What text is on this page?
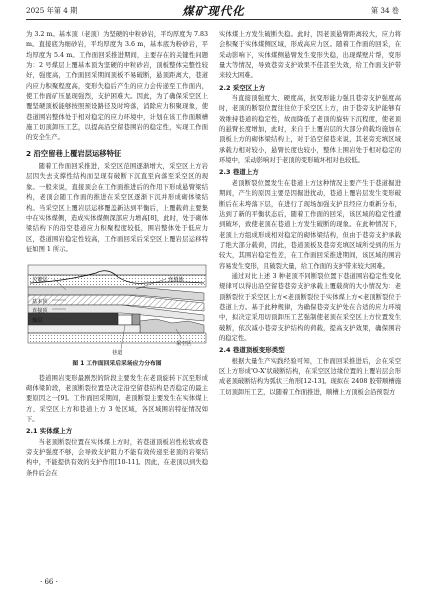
2025 年第 4 期	煤矿现代化	第 34 卷

为 3.2 m。基本顶（老顶）为坚硬的中粒砂岩，平均厚度为 7.83 m。直接底为细砂岩，平均厚度为 3.6 m，基本底为粉砂岩，平均厚度为 5.4 m。工作面回采推进期间，主要存在的关键性问题为：2 号煤层上覆基本顶为坚硬的中粒砂岩，顶板整体完整性较好，强度高，工作面回采期间顶板不易破断，悬顶距离大，巷道内应力积聚程度高，变形失稳后产生的应力会传递至工作面内，使工作面矿压显现强烈，支护困难大。因此，为了确保采空区上覆坚硬顶板能够按照预设路径及时垮落，消除应力积聚现象，使巷道围岩整体处于相对稳定的应力环境中，计划在该工作面顺槽施工切顶卸压工艺，以提高沿空留巷围岩的稳定性，实现工作面的安全生产。

2 沿空留巷上覆岩层运移特征

随着工作面回采推进，采空区范围逐渐增大，采空区上方岩层因失去支撑性结构而呈现有破断下沉直至向落至采空区的现象。一般来说，直接顶会在工作面推进后的作用下形成悬臂梁结构，老顶会随工作面的推进在采空区逐渐下沉并形成砌体梁结构。当采空区上覆岩层运移覆盖新达到平衡后，上覆载荷主要集中在实体煤侧，造成实体煤侧深部应力增高[8]，此时，处于砌体梁结构下的沿空巷道应力积聚程度较低，围岩整体处于低应力区，巷道围岩稳定性较高，工作面回采后采空区上覆岩层运移特征如图 1 所示。

关键层	充填体
基本顶
直接顶
煤层
采空区
巷道
图 1 工作面回采后采场应力分布图

巷道围岩变形最剧烈的阶段主要发生在老顶旋转下沉至形成砌体梁阶段，老顶断裂位置是决定沿空留巷结构是否稳定的最主要原因之一[9]。工作面回采期间，老顶断裂主要发生在实体煤上方、采空区上方和巷道上方 3 处区域，各区域围岩特征情况如下。

2.1 实体煤上方

当老顶断裂位置在实体煤上方时，若巷道顶板岩性松软或巷旁支护强度不够，会导致支护阻力不能有效传递至老顶的岩梁结构中，不能提供有效的支护作用[10-11]。因此，在老顶以到失稳条件后会在

实体煤上方发生破断失稳。此时，因老顶悬臂距离较大，应力将会积聚于实体煤侧区域，形成高应力区。随着工作面的回采，在采动影响下，实体煤侧悬臂发生变形失稳，出现煤壁片帮，变形量大等情况，导致巷旁支护效果不佳甚至失效，给工作面支护带来较大困难。

2.2 采空区上方

当直接顶强度大、硬度高，抗变形能力强且巷旁支护强度高时，老顶的断裂位置往往位于采空区上方，由于巷旁支护能够有效维持巷道的稳定性，故而降低了老顶的旋转下沉程度，使老顶的悬臂长度增加，此时，来自于上覆岩层的大部分荷载均施加在顶板上方的砌体梁结构上，对于沿空留巷来说，其老旁充填区域承载力相对较小，悬臂长度也较小，整体上围岩处于相对稳定的环境中，采动影响对于老顶的变形破坏相对也较低。

2.3 巷道上方

老顶断裂位置发生在巷道上方这种情况主要产生于巷道掘进期间，产生的原因主要是因掘进扰动，巷道上覆岩层发生变形破断后在未垮落下层，在进行了现场加强支护且经应力重新分布，达到了新的平衡状态后，随着工作面的回采，该区域的稳定性遭到破坏，致使老顶在巷道上方发生破断的现象。在此种情况下，老顶上方组成形成相对稳定的砌体梁结构，但由于巷旁支护承载了绝大部分载荷，因此，巷道顶板及巷旁充填区域所受到的压力较大，其围岩稳定性差，在工作面回采推进期间，该区域的围岩容易发生变形，且破裂大量，给工作面的支护带来较大困难。

通过对比上述 3 种老顶不同断裂位置下巷道围岩稳定性变化规律可以得出沿空留巷巷旁支护承载上覆载荷的大小情况为：老顶断裂位于采空区上方<老顶断裂位于实体煤上方<老顶断裂位于巷道上方。基于此种规律，为确保巷旁支护处在合适的应力环境中，拟决定采用切顶卸压工艺强制使老顶在采空区上方位置发生破断，依次减小巷旁支护结构的荷载，提高支护效果，确保围岩的稳定性。

2.4 巷道顶板变形类型

根据大量生产实践经验可知，工作面回采推进后，会在采空区上方形成'O-X'状破断结构，在采空区边缘位置的上覆岩层会形成老顶破断结构为弧状三角形[12-13]。现拟在 2408 胶带顺槽施工切顶卸压工艺，以随着工作面推进，顺槽上方顶板会沿预裂方

· 66 ·
